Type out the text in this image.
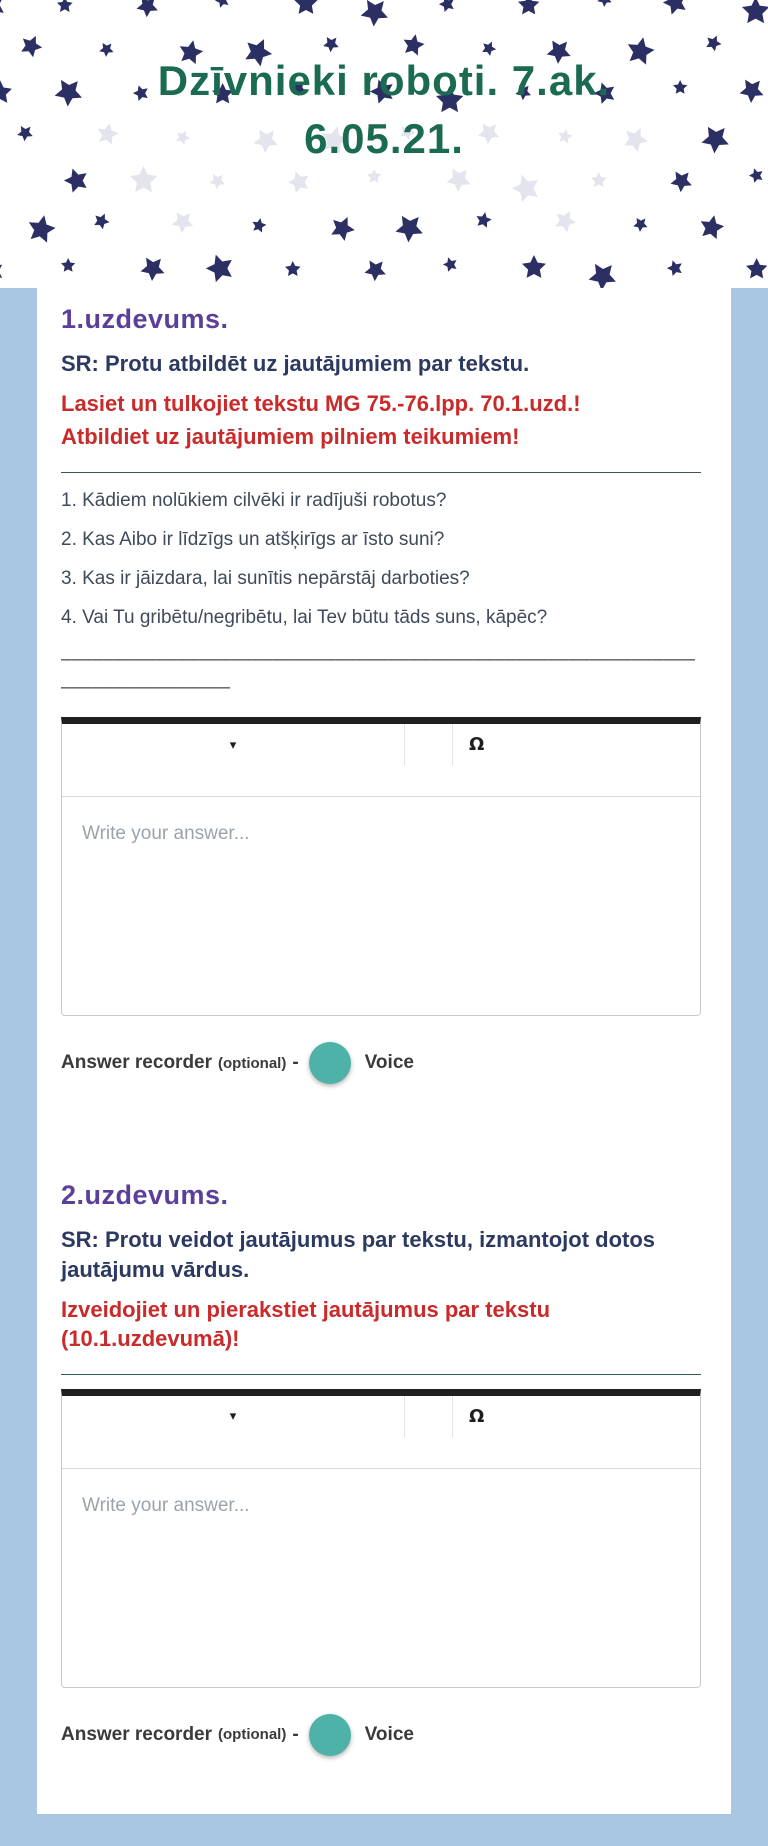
Dzīvnieki roboti. 7.ak.
6.05.21.
1.uzdevums.
SR: Protu atbildēt uz jautājumiem par tekstu.
Lasiet un tulkojiet tekstu MG 75.-76.lpp. 70.1.uzd.!
Atbildiet uz jautājumiem pilniem teikumiem!
1. Kādiem nolūkiem cilvēki ir radījuši robotus?
2. Kas Aibo ir līdzīgs un atšķirīgs ar īsto suni?
3. Kas ir jāizdara, lai sunītis nepārstāj darboties?
4. Vai Tu gribētu/negribētu, lai Tev būtu tāds suns, kāpēc?
––––––––––––––––––––––––––––––––––––––––––––––––––––––––––––––––––––––––––––
▾	Ω
Write your answer...
Answer recorder (optional) -	Voice
2.uzdevums.
SR: Protu veidot jautājumus par tekstu, izmantojot dotos jautājumu vārdus.
Izveidojiet un pierakstiet jautājumus par tekstu (10.1.uzdevumā)!
▾	Ω
Write your answer...
Answer recorder (optional) -	Voice
